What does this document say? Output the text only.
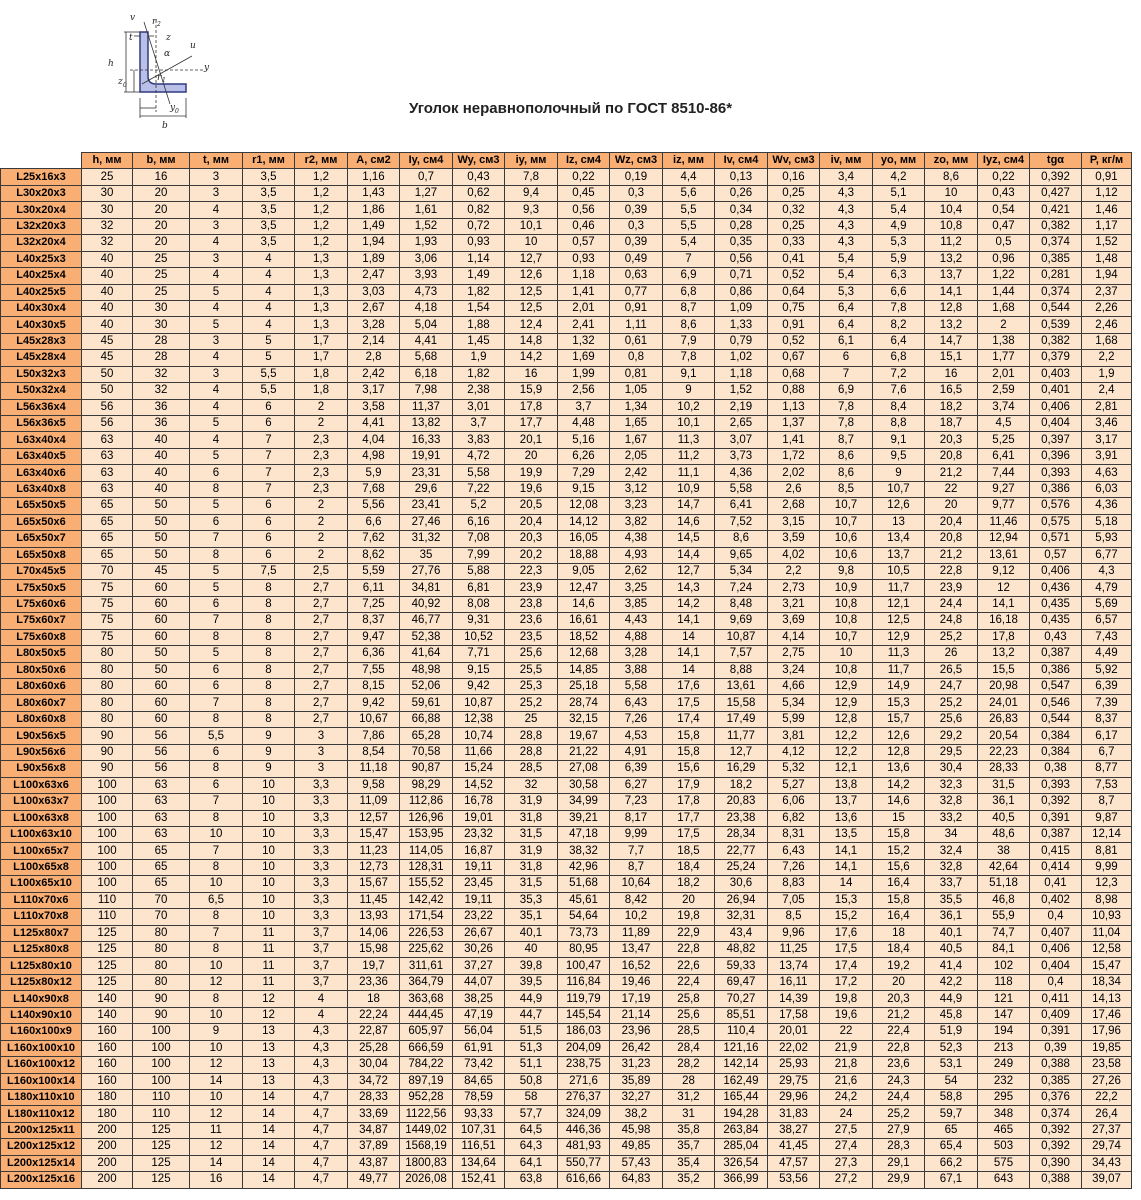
v r 2
t	z
u
α
h	y
z 0
r 1
b
y 0	Уголок неравнополочный по ГОСТ 8510-86*
	h, мм	b, мм	t, мм	r1, мм	r2, мм	A, см2	Iy, см4	Wy, см3	iy, мм	Iz, см4	Wz, см3	iz, мм	Iv, см4	Wv, см3	iv, мм	yo, мм	zo, мм	Iyz, см4	tgα	P, кг/м
L25x16x3	25	16	3	3,5	1,2	1,16	0,7	0,43	7,8	0,22	0,19	4,4	0,13	0,16	3,4	4,2	8,6	0,22	0,392	0,91
L30x20x3	30	20	3	3,5	1,2	1,43	1,27	0,62	9,4	0,45	0,3	5,6	0,26	0,25	4,3	5,1	10	0,43	0,427	1,12
L30x20x4	30	20	4	3,5	1,2	1,86	1,61	0,82	9,3	0,56	0,39	5,5	0,34	0,32	4,3	5,4	10,4	0,54	0,421	1,46
L32x20x3	32	20	3	3,5	1,2	1,49	1,52	0,72	10,1	0,46	0,3	5,5	0,28	0,25	4,3	4,9	10,8	0,47	0,382	1,17
L32x20x4	32	20	4	3,5	1,2	1,94	1,93	0,93	10	0,57	0,39	5,4	0,35	0,33	4,3	5,3	11,2	0,5	0,374	1,52
L40x25x3	40	25	3	4	1,3	1,89	3,06	1,14	12,7	0,93	0,49	7	0,56	0,41	5,4	5,9	13,2	0,96	0,385	1,48
L40x25x4	40	25	4	4	1,3	2,47	3,93	1,49	12,6	1,18	0,63	6,9	0,71	0,52	5,4	6,3	13,7	1,22	0,281	1,94
L40x25x5	40	25	5	4	1,3	3,03	4,73	1,82	12,5	1,41	0,77	6,8	0,86	0,64	5,3	6,6	14,1	1,44	0,374	2,37
L40x30x4	40	30	4	4	1,3	2,67	4,18	1,54	12,5	2,01	0,91	8,7	1,09	0,75	6,4	7,8	12,8	1,68	0,544	2,26
L40x30x5	40	30	5	4	1,3	3,28	5,04	1,88	12,4	2,41	1,11	8,6	1,33	0,91	6,4	8,2	13,2	2	0,539	2,46
L45x28x3	45	28	3	5	1,7	2,14	4,41	1,45	14,8	1,32	0,61	7,9	0,79	0,52	6,1	6,4	14,7	1,38	0,382	1,68
L45x28x4	45	28	4	5	1,7	2,8	5,68	1,9	14,2	1,69	0,8	7,8	1,02	0,67	6	6,8	15,1	1,77	0,379	2,2
L50x32x3	50	32	3	5,5	1,8	2,42	6,18	1,82	16	1,99	0,81	9,1	1,18	0,68	7	7,2	16	2,01	0,403	1,9
L50x32x4	50	32	4	5,5	1,8	3,17	7,98	2,38	15,9	2,56	1,05	9	1,52	0,88	6,9	7,6	16,5	2,59	0,401	2,4
L56x36x4	56	36	4	6	2	3,58	11,37	3,01	17,8	3,7	1,34	10,2	2,19	1,13	7,8	8,4	18,2	3,74	0,406	2,81
L56x36x5	56	36	5	6	2	4,41	13,82	3,7	17,7	4,48	1,65	10,1	2,65	1,37	7,8	8,8	18,7	4,5	0,404	3,46
L63x40x4	63	40	4	7	2,3	4,04	16,33	3,83	20,1	5,16	1,67	11,3	3,07	1,41	8,7	9,1	20,3	5,25	0,397	3,17
L63x40x5	63	40	5	7	2,3	4,98	19,91	4,72	20	6,26	2,05	11,2	3,73	1,72	8,6	9,5	20,8	6,41	0,396	3,91
L63x40x6	63	40	6	7	2,3	5,9	23,31	5,58	19,9	7,29	2,42	11,1	4,36	2,02	8,6	9	21,2	7,44	0,393	4,63
L63x40x8	63	40	8	7	2,3	7,68	29,6	7,22	19,6	9,15	3,12	10,9	5,58	2,6	8,5	10,7	22	9,27	0,386	6,03
L65x50x5	65	50	5	6	2	5,56	23,41	5,2	20,5	12,08	3,23	14,7	6,41	2,68	10,7	12,6	20	9,77	0,576	4,36
L65x50x6	65	50	6	6	2	6,6	27,46	6,16	20,4	14,12	3,82	14,6	7,52	3,15	10,7	13	20,4	11,46	0,575	5,18
L65x50x7	65	50	7	6	2	7,62	31,32	7,08	20,3	16,05	4,38	14,5	8,6	3,59	10,6	13,4	20,8	12,94	0,571	5,93
L65x50x8	65	50	8	6	2	8,62	35	7,99	20,2	18,88	4,93	14,4	9,65	4,02	10,6	13,7	21,2	13,61	0,57	6,77
L70x45x5	70	45	5	7,5	2,5	5,59	27,76	5,88	22,3	9,05	2,62	12,7	5,34	2,2	9,8	10,5	22,8	9,12	0,406	4,3
L75x50x5	75	60	5	8	2,7	6,11	34,81	6,81	23,9	12,47	3,25	14,3	7,24	2,73	10,9	11,7	23,9	12	0,436	4,79
L75x60x6	75	60	6	8	2,7	7,25	40,92	8,08	23,8	14,6	3,85	14,2	8,48	3,21	10,8	12,1	24,4	14,1	0,435	5,69
L75x60x7	75	60	7	8	2,7	8,37	46,77	9,31	23,6	16,61	4,43	14,1	9,69	3,69	10,8	12,5	24,8	16,18	0,435	6,57
L75x60x8	75	60	8	8	2,7	9,47	52,38	10,52	23,5	18,52	4,88	14	10,87	4,14	10,7	12,9	25,2	17,8	0,43	7,43
L80x50x5	80	50	5	8	2,7	6,36	41,64	7,71	25,6	12,68	3,28	14,1	7,57	2,75	10	11,3	26	13,2	0,387	4,49
L80x50x6	80	50	6	8	2,7	7,55	48,98	9,15	25,5	14,85	3,88	14	8,88	3,24	10,8	11,7	26,5	15,5	0,386	5,92
L80x60x6	80	60	6	8	2,7	8,15	52,06	9,42	25,3	25,18	5,58	17,6	13,61	4,66	12,9	14,9	24,7	20,98	0,547	6,39
L80x60x7	80	60	7	8	2,7	9,42	59,61	10,87	25,2	28,74	6,43	17,5	15,58	5,34	12,9	15,3	25,2	24,01	0,546	7,39
L80x60x8	80	60	8	8	2,7	10,67	66,88	12,38	25	32,15	7,26	17,4	17,49	5,99	12,8	15,7	25,6	26,83	0,544	8,37
L90x56x5	90	56	5,5	9	3	7,86	65,28	10,74	28,8	19,67	4,53	15,8	11,77	3,81	12,2	12,6	29,2	20,54	0,384	6,17
L90x56x6	90	56	6	9	3	8,54	70,58	11,66	28,8	21,22	4,91	15,8	12,7	4,12	12,2	12,8	29,5	22,23	0,384	6,7
L90x56x8	90	56	8	9	3	11,18	90,87	15,24	28,5	27,08	6,39	15,6	16,29	5,32	12,1	13,6	30,4	28,33	0,38	8,77
L100x63x6	100	63	6	10	3,3	9,58	98,29	14,52	32	30,58	6,27	17,9	18,2	5,27	13,8	14,2	32,3	31,5	0,393	7,53
L100x63x7	100	63	7	10	3,3	11,09	112,86	16,78	31,9	34,99	7,23	17,8	20,83	6,06	13,7	14,6	32,8	36,1	0,392	8,7
L100x63x8	100	63	8	10	3,3	12,57	126,96	19,01	31,8	39,21	8,17	17,7	23,38	6,82	13,6	15	33,2	40,5	0,391	9,87
L100x63x10	100	63	10	10	3,3	15,47	153,95	23,32	31,5	47,18	9,99	17,5	28,34	8,31	13,5	15,8	34	48,6	0,387	12,14
L100x65x7	100	65	7	10	3,3	11,23	114,05	16,87	31,9	38,32	7,7	18,5	22,77	6,43	14,1	15,2	32,4	38	0,415	8,81
L100x65x8	100	65	8	10	3,3	12,73	128,31	19,11	31,8	42,96	8,7	18,4	25,24	7,26	14,1	15,6	32,8	42,64	0,414	9,99
L100x65x10	100	65	10	10	3,3	15,67	155,52	23,45	31,5	51,68	10,64	18,2	30,6	8,83	14	16,4	33,7	51,18	0,41	12,3
L110x70x6	110	70	6,5	10	3,3	11,45	142,42	19,11	35,3	45,61	8,42	20	26,94	7,05	15,3	15,8	35,5	46,8	0,402	8,98
L110x70x8	110	70	8	10	3,3	13,93	171,54	23,22	35,1	54,64	10,2	19,8	32,31	8,5	15,2	16,4	36,1	55,9	0,4	10,93
L125x80x7	125	80	7	11	3,7	14,06	226,53	26,67	40,1	73,73	11,89	22,9	43,4	9,96	17,6	18	40,1	74,7	0,407	11,04
L125x80x8	125	80	8	11	3,7	15,98	225,62	30,26	40	80,95	13,47	22,8	48,82	11,25	17,5	18,4	40,5	84,1	0,406	12,58
L125x80x10	125	80	10	11	3,7	19,7	311,61	37,27	39,8	100,47	16,52	22,6	59,33	13,74	17,4	19,2	41,4	102	0,404	15,47
L125x80x12	125	80	12	11	3,7	23,36	364,79	44,07	39,5	116,84	19,46	22,4	69,47	16,11	17,2	20	42,2	118	0,4	18,34
L140x90x8	140	90	8	12	4	18	363,68	38,25	44,9	119,79	17,19	25,8	70,27	14,39	19,8	20,3	44,9	121	0,411	14,13
L140x90x10	140	90	10	12	4	22,24	444,45	47,19	44,7	145,54	21,14	25,6	85,51	17,58	19,6	21,2	45,8	147	0,409	17,46
L160x100x9	160	100	9	13	4,3	22,87	605,97	56,04	51,5	186,03	23,96	28,5	110,4	20,01	22	22,4	51,9	194	0,391	17,96
L160x100x10	160	100	10	13	4,3	25,28	666,59	61,91	51,3	204,09	26,42	28,4	121,16	22,02	21,9	22,8	52,3	213	0,39	19,85
L160x100x12	160	100	12	13	4,3	30,04	784,22	73,42	51,1	238,75	31,23	28,2	142,14	25,93	21,8	23,6	53,1	249	0,388	23,58
L160x100x14	160	100	14	13	4,3	34,72	897,19	84,65	50,8	271,6	35,89	28	162,49	29,75	21,6	24,3	54	232	0,385	27,26
L180x110x10	180	110	10	14	4,7	28,33	952,28	78,59	58	276,37	32,27	31,2	165,44	29,96	24,2	24,4	58,8	295	0,376	22,2
L180x110x12	180	110	12	14	4,7	33,69	1122,56	93,33	57,7	324,09	38,2	31	194,28	31,83	24	25,2	59,7	348	0,374	26,4
L200x125x11	200	125	11	14	4,7	34,87	1449,02	107,31	64,5	446,36	45,98	35,8	263,84	38,27	27,5	27,9	65	465	0,392	27,37
L200x125x12	200	125	12	14	4,7	37,89	1568,19	116,51	64,3	481,93	49,85	35,7	285,04	41,45	27,4	28,3	65,4	503	0,392	29,74
L200x125x14	200	125	14	14	4,7	43,87	1800,83	134,64	64,1	550,77	57,43	35,4	326,54	47,57	27,3	29,1	66,2	575	0,390	34,43
L200x125x16	200	125	16	14	4,7	49,77	2026,08	152,41	63,8	616,66	64,83	35,2	366,99	53,56	27,2	29,9	67,1	643	0,388	39,07
